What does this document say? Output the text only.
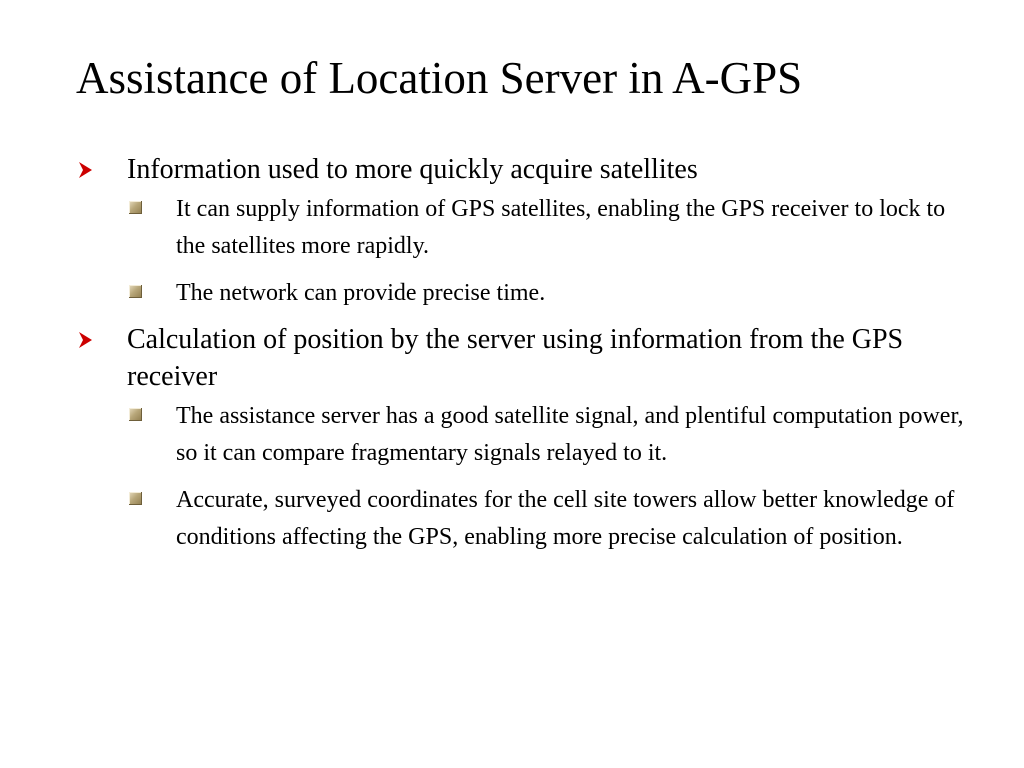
Assistance of Location Server in A-GPS
Information used to more quickly acquire satellites
It can supply information of GPS satellites, enabling the GPS receiver to lock to the satellites more rapidly.
The network can provide precise time.
Calculation of position by the server using information from the GPS receiver
The assistance server has a good satellite signal, and plentiful computation power, so it can compare fragmentary signals relayed to it.
Accurate, surveyed coordinates for the cell site towers allow better knowledge of conditions affecting the GPS, enabling more precise calculation of position.
